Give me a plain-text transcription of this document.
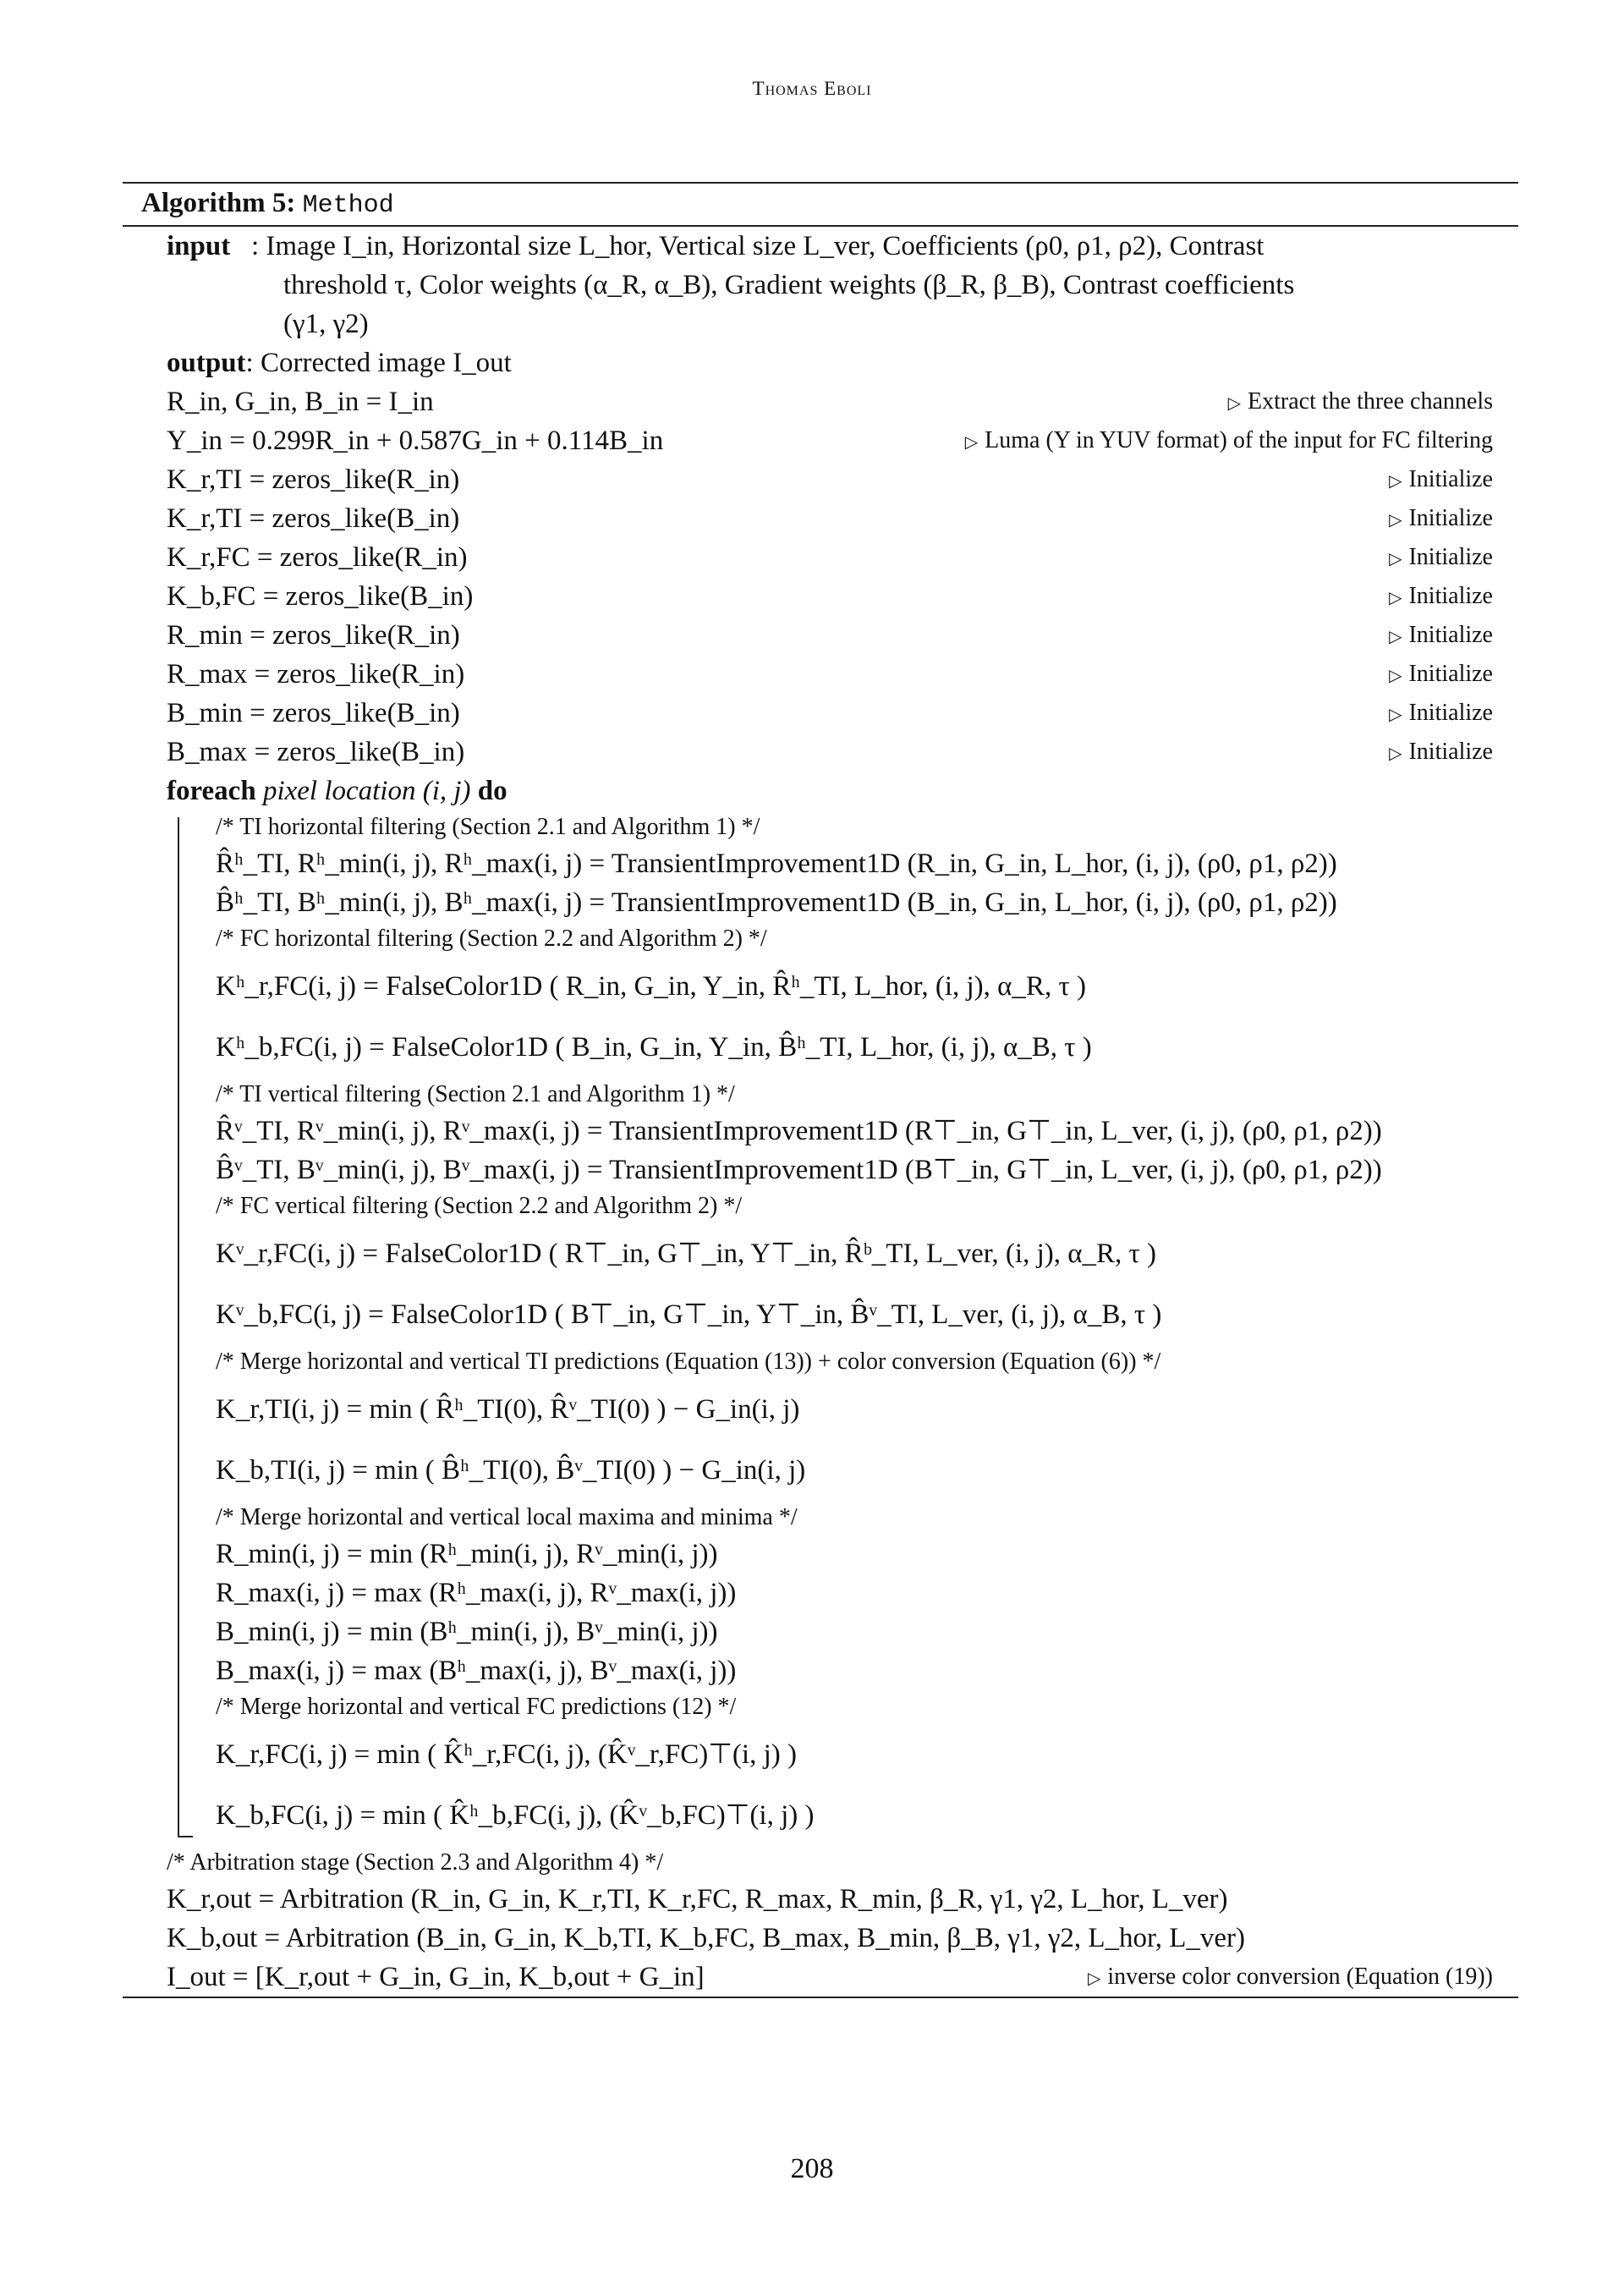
Thomas Eboli
Algorithm 5: Method
input : Image I_in, Horizontal size L_hor, Vertical size L_ver, Coefficients (ρ0, ρ1, ρ2), Contrast
threshold τ, Color weights (α_R, α_B), Gradient weights (β_R, β_B), Contrast coefficients
(γ1, γ2)
output: Corrected image I_out
R_in, G_in, B_in = I_in	▷ Extract the three channels
Y_in = 0.299R_in + 0.587G_in + 0.114B_in	▷ Luma (Y in YUV format) of the input for FC filtering
K_r,TI = zeros_like(R_in)	▷ Initialize
K_r,TI = zeros_like(B_in)	▷ Initialize
K_r,FC = zeros_like(R_in)	▷ Initialize
K_b,FC = zeros_like(B_in)	▷ Initialize
R_min = zeros_like(R_in)	▷ Initialize
R_max = zeros_like(R_in)	▷ Initialize
B_min = zeros_like(B_in)	▷ Initialize
B_max = zeros_like(B_in)	▷ Initialize
foreach pixel location (i, j) do
/* TI horizontal filtering (Section 2.1 and Algorithm 1) */
R̂ʰ_TI, Rʰ_min(i, j), Rʰ_max(i, j) = TransientImprovement1D (R_in, G_in, L_hor, (i, j), (ρ0, ρ1, ρ2))
B̂ʰ_TI, Bʰ_min(i, j), Bʰ_max(i, j) = TransientImprovement1D (B_in, G_in, L_hor, (i, j), (ρ0, ρ1, ρ2))
/* FC horizontal filtering (Section 2.2 and Algorithm 2) */
Kʰ_r,FC(i, j) = FalseColor1D ( R_in, G_in, Y_in, R̂ʰ_TI, L_hor, (i, j), α_R, τ )
Kʰ_b,FC(i, j) = FalseColor1D ( B_in, G_in, Y_in, B̂ʰ_TI, L_hor, (i, j), α_B, τ )
/* TI vertical filtering (Section 2.1 and Algorithm 1) */
R̂ᵛ_TI, Rᵛ_min(i, j), Rᵛ_max(i, j) = TransientImprovement1D (R⊤_in, G⊤_in, L_ver, (i, j), (ρ0, ρ1, ρ2))
B̂ᵛ_TI, Bᵛ_min(i, j), Bᵛ_max(i, j) = TransientImprovement1D (B⊤_in, G⊤_in, L_ver, (i, j), (ρ0, ρ1, ρ2))
/* FC vertical filtering (Section 2.2 and Algorithm 2) */
Kᵛ_r,FC(i, j) = FalseColor1D ( R⊤_in, G⊤_in, Y⊤_in, R̂ᵇ_TI, L_ver, (i, j), α_R, τ )
Kᵛ_b,FC(i, j) = FalseColor1D ( B⊤_in, G⊤_in, Y⊤_in, B̂ᵛ_TI, L_ver, (i, j), α_B, τ )
/* Merge horizontal and vertical TI predictions (Equation (13)) + color conversion (Equation (6)) */
K_r,TI(i, j) = min ( R̂ʰ_TI(0), R̂ᵛ_TI(0) ) − G_in(i, j)
K_b,TI(i, j) = min ( B̂ʰ_TI(0), B̂ᵛ_TI(0) ) − G_in(i, j)
/* Merge horizontal and vertical local maxima and minima */
R_min(i, j) = min (Rʰ_min(i, j), Rᵛ_min(i, j))
R_max(i, j) = max (Rʰ_max(i, j), Rᵛ_max(i, j))
B_min(i, j) = min (Bʰ_min(i, j), Bᵛ_min(i, j))
B_max(i, j) = max (Bʰ_max(i, j), Bᵛ_max(i, j))
/* Merge horizontal and vertical FC predictions (12) */
K_r,FC(i, j) = min ( K̂ʰ_r,FC(i, j), (K̂ᵛ_r,FC)⊤(i, j) )
K_b,FC(i, j) = min ( K̂ʰ_b,FC(i, j), (K̂ᵛ_b,FC)⊤(i, j) )
/* Arbitration stage (Section 2.3 and Algorithm 4) */
K_r,out = Arbitration (R_in, G_in, K_r,TI, K_r,FC, R_max, R_min, β_R, γ1, γ2, L_hor, L_ver)
K_b,out = Arbitration (B_in, G_in, K_b,TI, K_b,FC, B_max, B_min, β_B, γ1, γ2, L_hor, L_ver)
I_out = [K_r,out + G_in, G_in, K_b,out + G_in]	▷ inverse color conversion (Equation (19))
208
